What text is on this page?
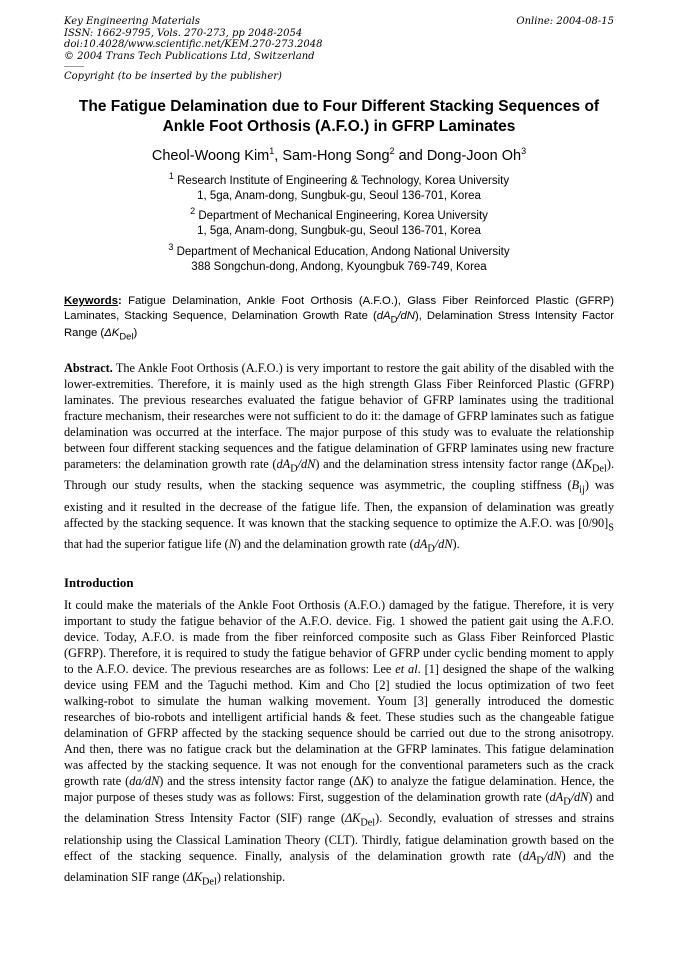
Key Engineering Materials
ISSN: 1662-9795, Vols. 270-273, pp 2048-2054
doi:10.4028/www.scientific.net/KEM.270-273.2048
© 2004 Trans Tech Publications Ltd, Switzerland
Online: 2004-08-15
Copyright (to be inserted by the publisher)
The Fatigue Delamination due to Four Different Stacking Sequences of
Ankle Foot Orthosis (A.F.O.) in GFRP Laminates
Cheol-Woong Kim$^1$, Sam-Hong Song$^2$ and Dong-Joon Oh$^3$
$^1$ Research Institute of Engineering & Technology, Korea University
1, 5ga, Anam-dong, Sungbuk-gu, Seoul 136-701, Korea
$^2$ Department of Mechanical Engineering, Korea University
1, 5ga, Anam-dong, Sungbuk-gu, Seoul 136-701, Korea
$^3$ Department of Mechanical Education, Andong National University
388 Songchun-dong, Andong, Kyoungbuk 769-749, Korea
Keywords: Fatigue Delamination, Ankle Foot Orthosis (A.F.O.), Glass Fiber Reinforced Plastic (GFRP) Laminates, Stacking Sequence, Delamination Growth Rate $(dA_D/dN)$, Delamination Stress Intensity Factor Range $(\Delta K_{Del})$
Abstract. The Ankle Foot Orthosis (A.F.O.) is very important to restore the gait ability of the disabled with the lower-extremities. Therefore, it is mainly used as the high strength Glass Fiber Reinforced Plastic (GFRP) laminates. The previous researches evaluated the fatigue behavior of GFRP laminates using the traditional fracture mechanism, their researches were not sufficient to do it: the damage of GFRP laminates such as fatigue delamination was occurred at the interface. The major purpose of this study was to evaluate the relationship between four different stacking sequences and the fatigue delamination of GFRP laminates using new fracture parameters: the delamination growth rate $(dA_D/dN)$ and the delamination stress intensity factor range $(\Delta K_{Del})$. Through our study results, when the stacking sequence was asymmetric, the coupling stiffness $(B_{ij})$ was existing and it resulted in the decrease of the fatigue life. Then, the expansion of delamination was greatly affected by the stacking sequence. It was known that the stacking sequence to optimize the A.F.O. was $[0/90]_S$ that had the superior fatigue life (N) and the delamination growth rate $(dA_D/dN)$.
Introduction
It could make the materials of the Ankle Foot Orthosis (A.F.O.) damaged by the fatigue. Therefore, it is very important to study the fatigue behavior of the A.F.O. device. Fig. 1 showed the patient gait using the A.F.O. device. Today, A.F.O. is made from the fiber reinforced composite such as Glass Fiber Reinforced Plastic (GFRP). Therefore, it is required to study the fatigue behavior of GFRP under cyclic bending moment to apply to the A.F.O. device. The previous researches are as follows: Lee et al. [1] designed the shape of the walking device using FEM and the Taguchi method. Kim and Cho [2] studied the locus optimization of two feet walking-robot to simulate the human walking movement. Youm [3] generally introduced the domestic researches of bio-robots and intelligent artificial hands & feet. These studies such as the changeable fatigue delamination of GFRP affected by the stacking sequence should be carried out due to the strong anisotropy. And then, there was no fatigue crack but the delamination at the GFRP laminates. This fatigue delamination was affected by the stacking sequence. It was not enough for the conventional parameters such as the crack growth rate (da/dN) and the stress intensity factor range (ΔK) to analyze the fatigue delamination. Hence, the major purpose of theses study was as follows: First, suggestion of the delamination growth rate $(dA_D/dN)$ and the delamination Stress Intensity Factor (SIF) range $(\Delta K_{Del})$. Secondly, evaluation of stresses and strains relationship using the Classical Lamination Theory (CLT). Thirdly, fatigue delamination growth based on the effect of the stacking sequence. Finally, analysis of the delamination growth rate $(dA_D/dN)$ and the delamination SIF range $(\Delta K_{Del})$ relationship.
